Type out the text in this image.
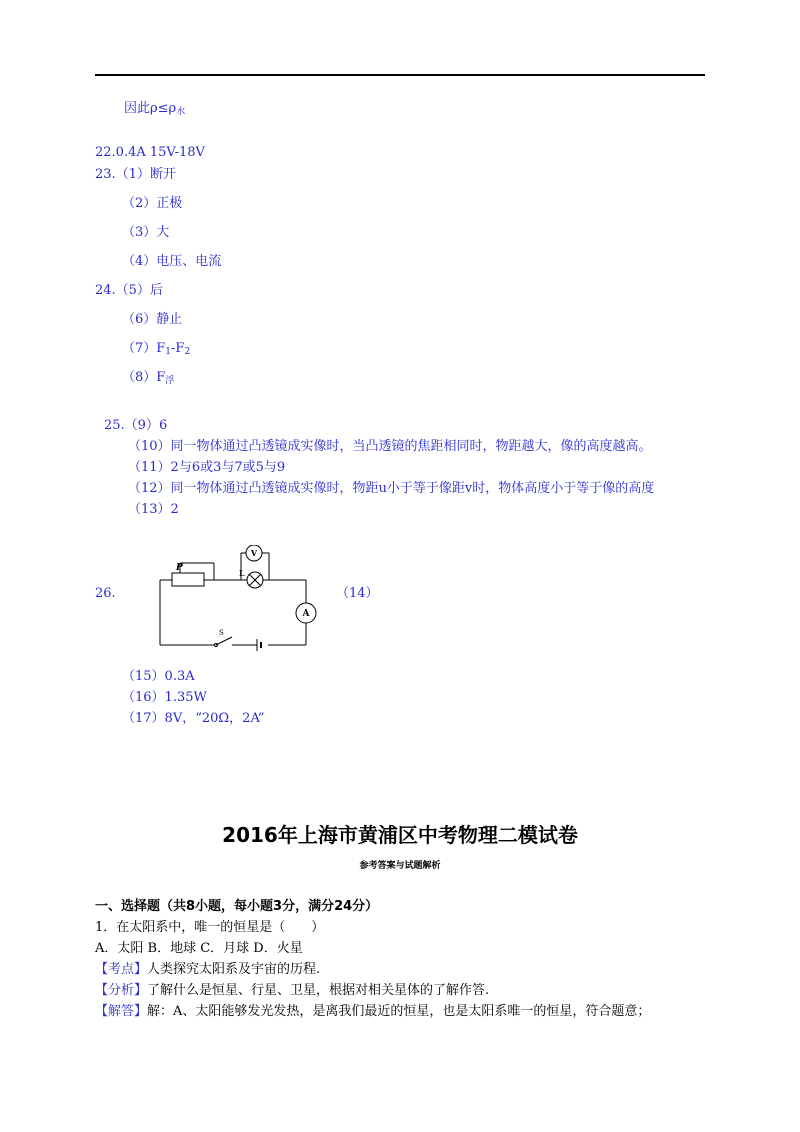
因此$\rho\le\rho_水$
22.0.4A 15V-18V
23.（1）断开
（2）正极
（3）大
（4）电压、电流
24.（5）后
（6）静止
$(7)F_1-F_2$
$(8)F_浮$
25.（9）6
（10）同一物体通过凸透镜成实像时，当凸透镜的焦距相同时，物距越大，像的高度越高。
（11）2与6或3与7或5与9
（12）同一物体通过凸透镜成实像时，物距u小于等于像距v时，物体高度小于等于像的高度
（13）2
26.	（14）
P
V
L
A
S
（15）0.3A
（16）1.35W
（17）8V，“20Ω，2A”
2016年上海市黄浦区中考物理二模试卷
参考答案与试题解析
一、选择题（共8小题，每小题3分，满分24分）
1．在太阳系中，唯一的恒星是（　　）
A．太阳 B．地球 C．月球 D．火星
【考点】人类探究太阳系及宇宙的历程.
【分析】了解什么是恒星、行星、卫星，根据对相关星体的了解作答.
【解答】解：A、太阳能够发光发热，是离我们最近的恒星，也是太阳系唯一的恒星，符合题意；
